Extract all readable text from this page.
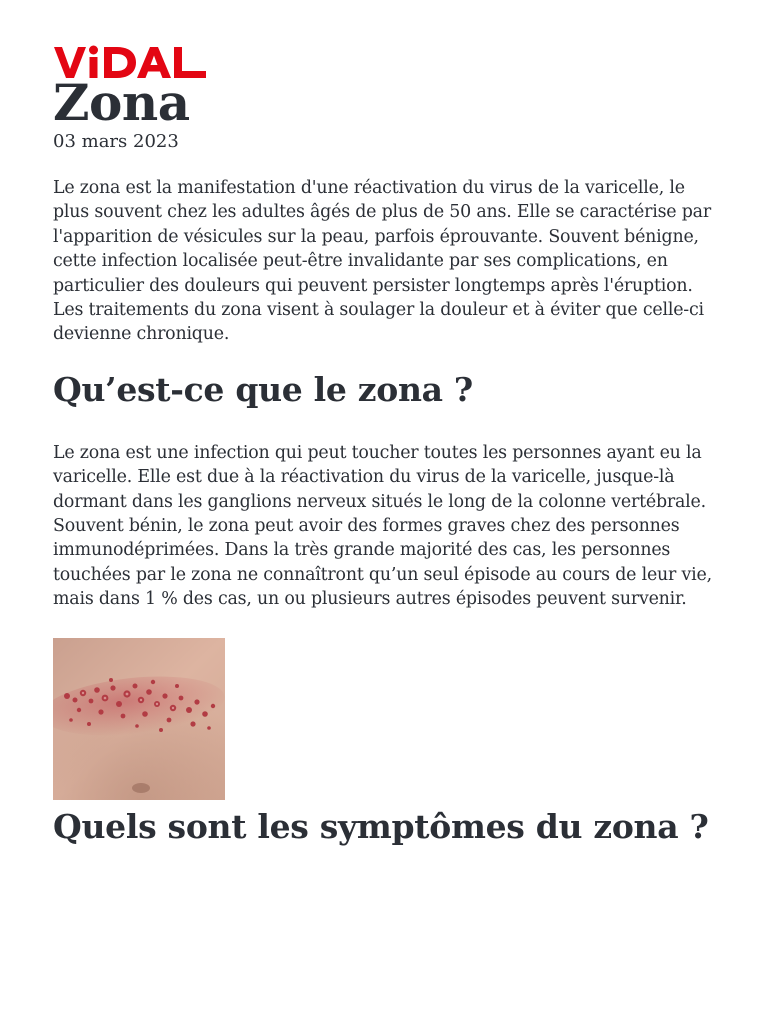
Zona
03 mars 2023

Le zona est la manifestation d'une réactivation du virus de la varicelle, le plus souvent chez les adultes âgés de plus de 50 ans. Elle se caractérise par l'apparition de vésicules sur la peau, parfois éprouvante. Souvent bénigne, cette infection localisée peut-être invalidante par ses complications, en particulier des douleurs qui peuvent persister longtemps après l'éruption. Les traitements du zona visent à soulager la douleur et à éviter que celle-ci devienne chronique.

Qu’est-ce que le zona ?

Le zona est une infection qui peut toucher toutes les personnes ayant eu la varicelle. Elle est due à la réactivation du virus de la varicelle, jusque-là dormant dans les ganglions nerveux situés le long de la colonne vertébrale. Souvent bénin, le zona peut avoir des formes graves chez des personnes immunodéprimées. Dans la très grande majorité des cas, les personnes touchées par le zona ne connaîtront qu’un seul épisode au cours de leur vie, mais dans 1 % des cas, un ou plusieurs autres épisodes peuvent survenir.

Quels sont les symptômes du zona ?
